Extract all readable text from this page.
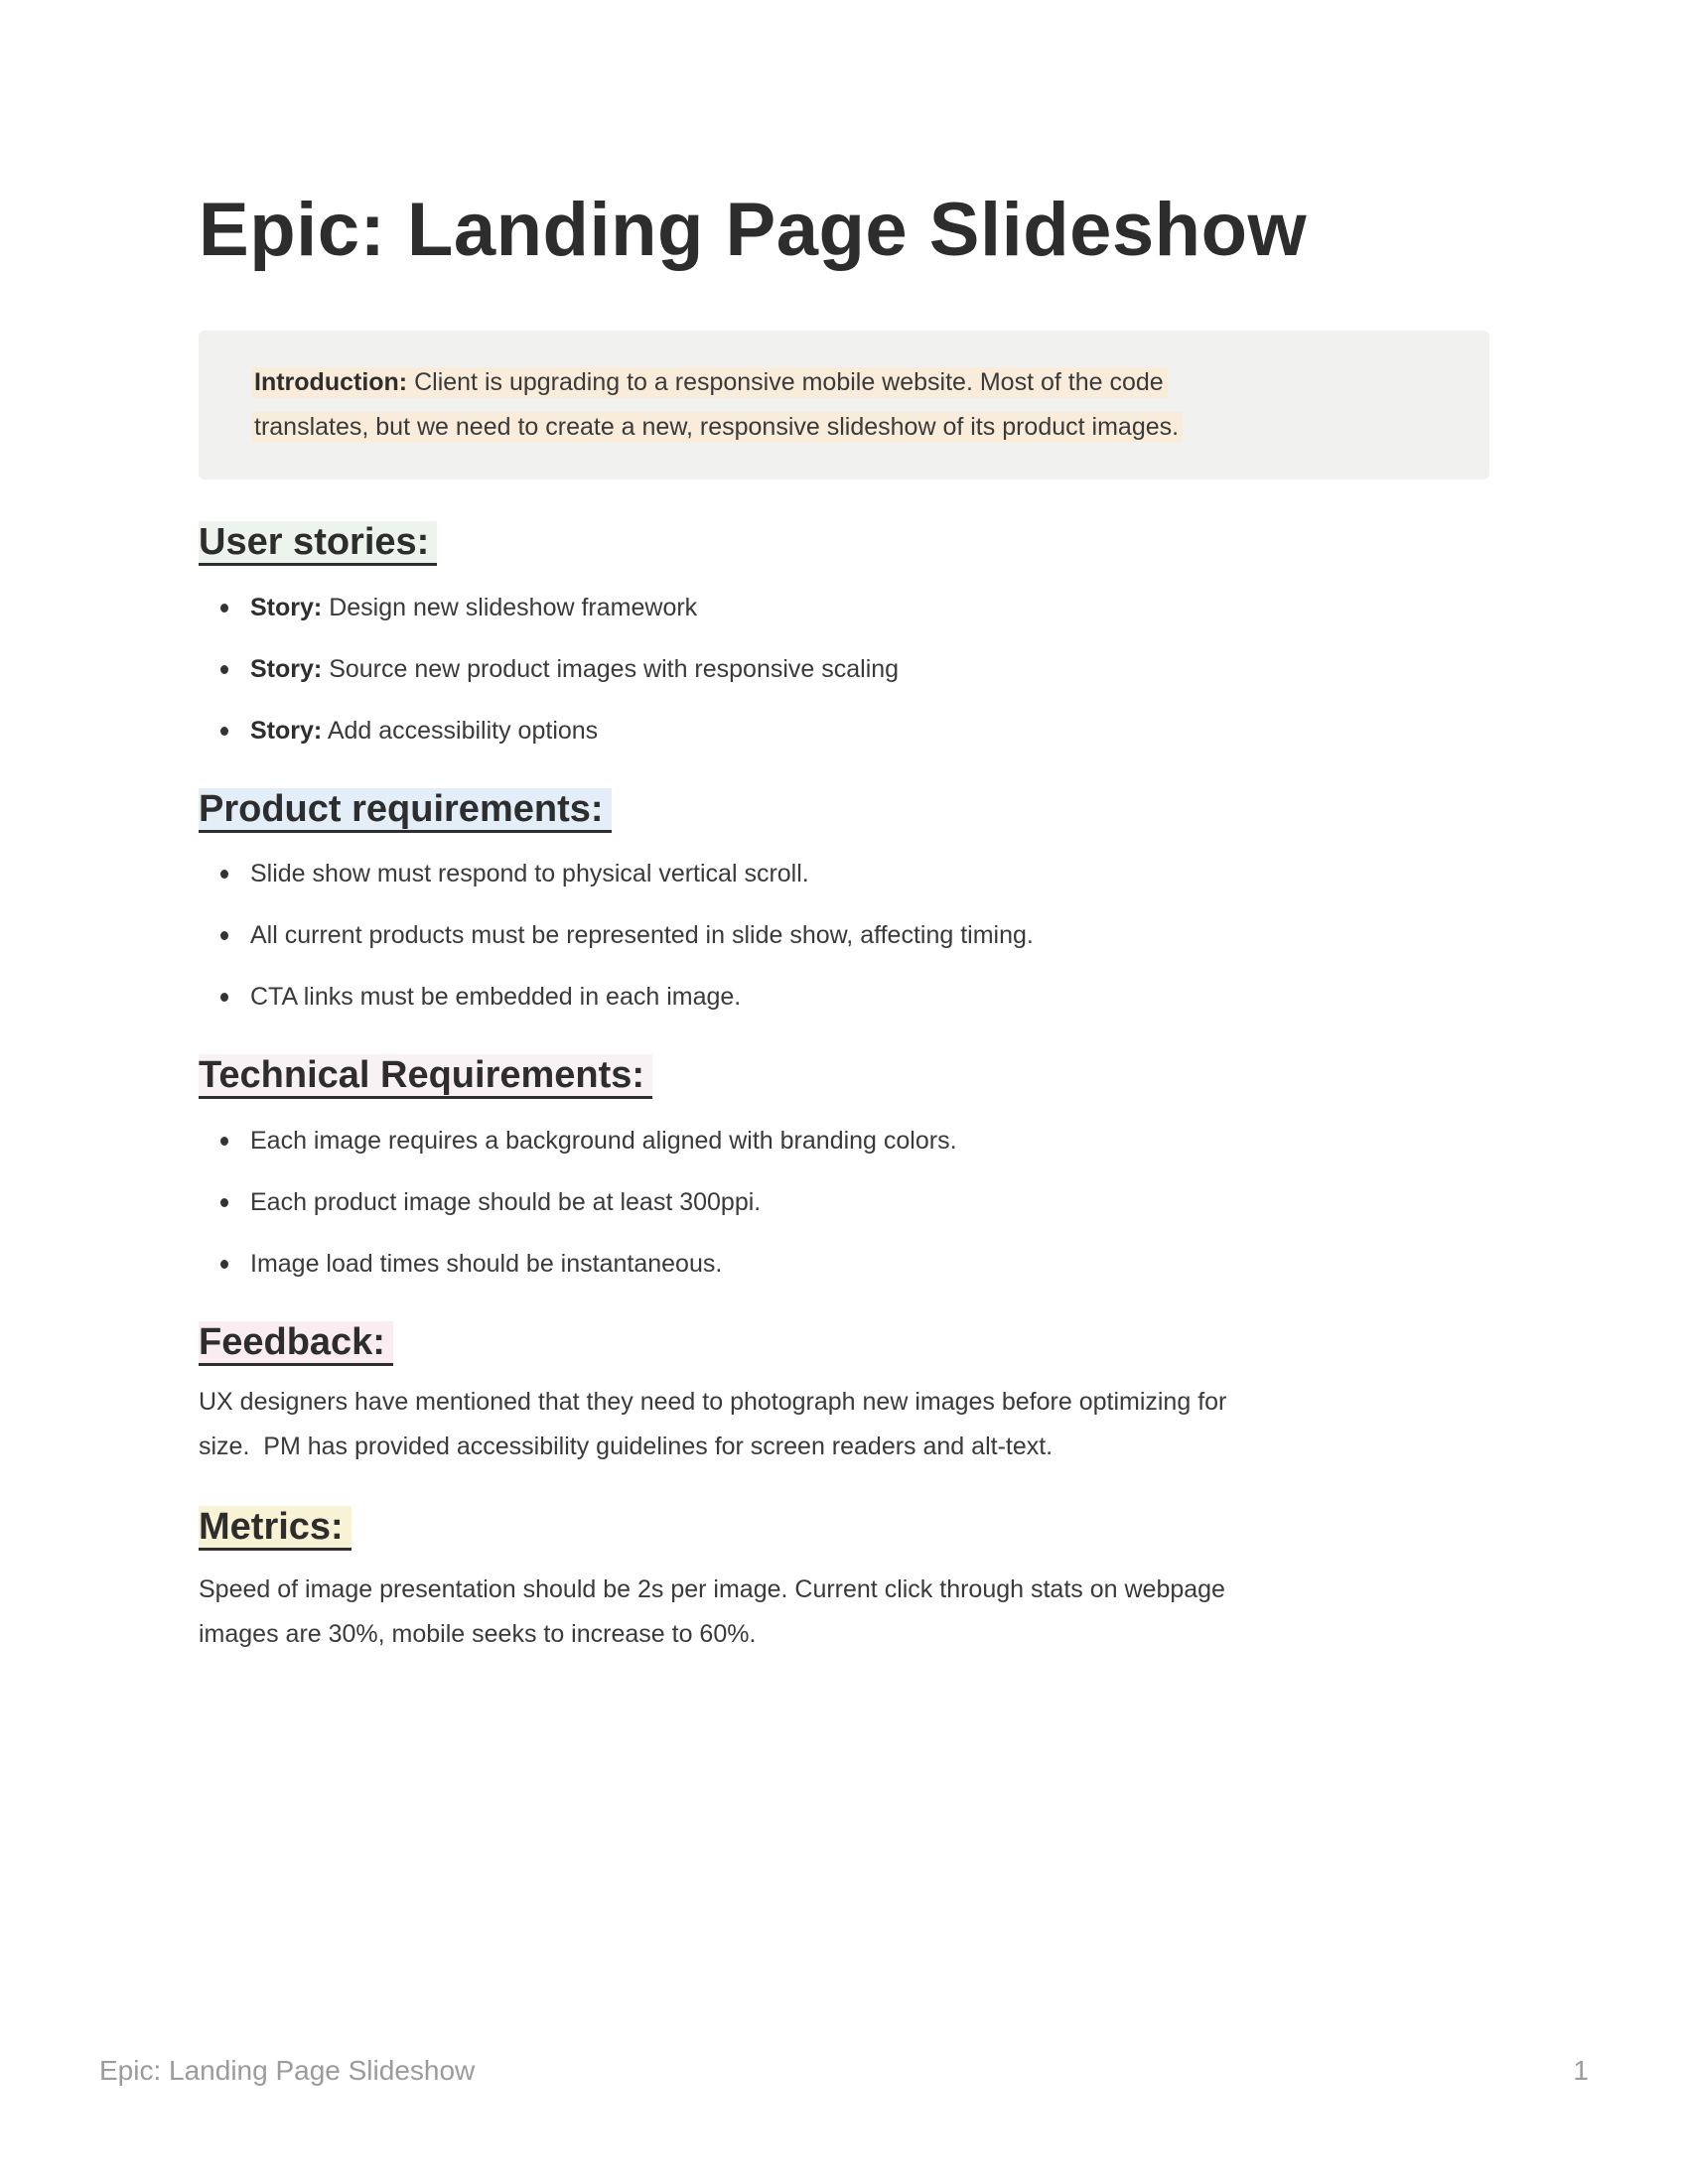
Epic: Landing Page Slideshow

Introduction: Client is upgrading to a responsive mobile website. Most of the code
translates, but we need to create a new, responsive slideshow of its product images.

User stories:
Story: Design new slideshow framework
Story: Source new product images with responsive scaling
Story: Add accessibility options
Product requirements:
Slide show must respond to physical vertical scroll.
All current products must be represented in slide show, affecting timing.
CTA links must be embedded in each image.
Technical Requirements:
Each image requires a background aligned with branding colors.
Each product image should be at least 300ppi.
Image load times should be instantaneous.
Feedback:

UX designers have mentioned that they need to photograph new images before optimizing for
size.  PM has provided accessibility guidelines for screen readers and alt-text.

Metrics:

Speed of image presentation should be 2s per image. Current click through stats on webpage
images are 30%, mobile seeks to increase to 60%.

Epic: Landing Page Slideshow	1
